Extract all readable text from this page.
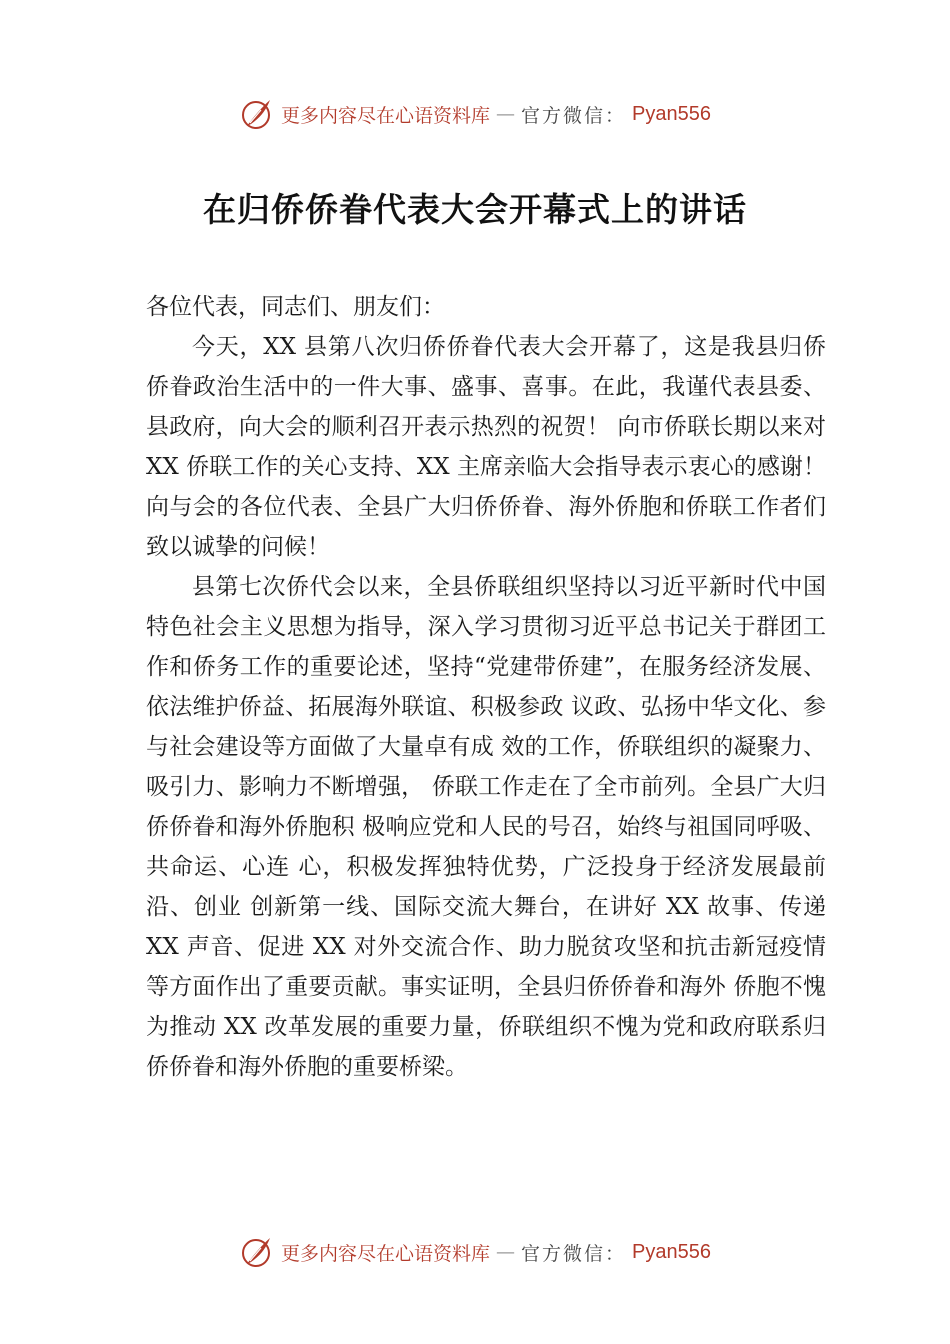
更多内容尽在心语资料库 — 官方微信： Pyan556
在归侨侨眷代表大会开幕式上的讲话

各位代表，同志们、朋友们：

今天，XX 县第八次归侨侨眷代表大会开幕了，这是我县归侨侨眷政治生活中的一件大事、盛事、喜事。在此，我谨代表县委、县政府，向大会的顺利召开表示热烈的祝贺！ 向市侨联长期以来对 XX 侨联工作的关心支持、XX 主席亲临大会指导表示衷心的感谢！向与会的各位代表、全县广大归侨侨眷、海外侨胞和侨联工作者们致以诚挚的问候！

县第七次侨代会以来，全县侨联组织坚持以习近平新时代中国特色社会主义思想为指导，深入学习贯彻习近平总书记关于群团工作和侨务工作的重要论述，坚持“党建带侨建”，在服务经济发展、依法维护侨益、拓展海外联谊、积极参政 议政、弘扬中华文化、参与社会建设等方面做了大量卓有成 效的工作，侨联组织的凝聚力、吸引力、影响力不断增强， 侨联工作走在了全市前列。全县广大归侨侨眷和海外侨胞积 极响应党和人民的号召，始终与祖国同呼吸、共命运、心连 心，积极发挥独特优势，广泛投身于经济发展最前沿、创业 创新第一线、国际交流大舞台，在讲好 XX 故事、传递 XX 声音、促进 XX 对外交流合作、助力脱贫攻坚和抗击新冠疫情等方面作出了重要贡献。事实证明，全县归侨侨眷和海外 侨胞不愧为推动 XX 改革发展的重要力量，侨联组织不愧为党和政府联系归侨侨眷和海外侨胞的重要桥梁。

更多内容尽在心语资料库 — 官方微信： Pyan556
